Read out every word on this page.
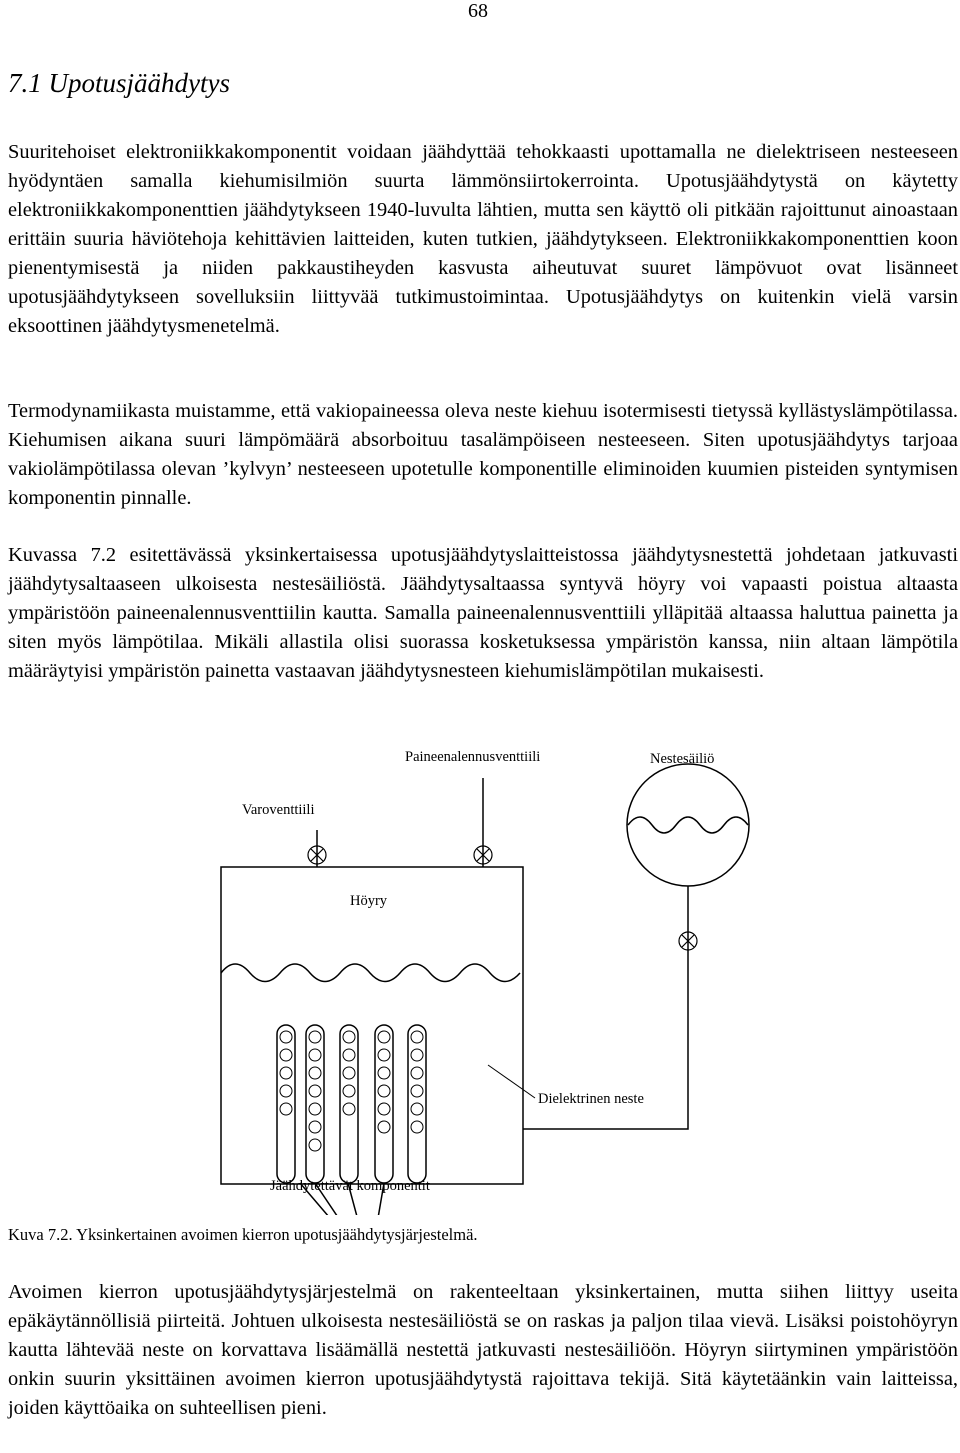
68
7.1 Upotusjäähdytys

Suuritehoiset elektroniikkakomponentit voidaan jäähdyttää tehokkaasti upottamalla ne dielektriseen nesteeseen hyödyntäen samalla kiehumisilmiön suurta lämmönsiirtokerrointa. Upotusjäähdytystä on käytetty elektroniikkakomponenttien jäähdytykseen 1940-luvulta lähtien, mutta sen käyttö oli pitkään rajoittunut ainoastaan erittäin suuria häviötehoja kehittävien laitteiden, kuten tutkien, jäähdytykseen. Elektroniikkakomponenttien koon pienentymisestä ja niiden pakkaustiheyden kasvusta aiheutuvat suuret lämpövuot ovat lisänneet upotusjäähdytykseen sovelluksiin liittyvää tutkimustoimintaa. Upotusjäähdytys on kuitenkin vielä varsin eksoottinen jäähdytysmenetelmä.

Termodynamiikasta muistamme, että vakiopaineessa oleva neste kiehuu isotermisesti tietyssä kyllästyslämpötilassa. Kiehumisen aikana suuri lämpömäärä absorboituu tasalämpöiseen nesteeseen. Siten upotusjäähdytys tarjoaa vakiolämpötilassa olevan ’kylvyn’ nesteeseen upotetulle komponentille eliminoiden kuumien pisteiden syntymisen komponentin pinnalle.

Kuvassa 7.2 esitettävässä yksinkertaisessa upotusjäähdytyslaitteistossa jäähdytysnestettä johdetaan jatkuvasti jäähdytysaltaaseen ulkoisesta nestesäiliöstä. Jäähdytysaltaassa syntyvä höyry voi vapaasti poistua altaasta ympäristöön paineenalennusventtiilin kautta. Samalla paineenalennusventtiili ylläpitää altaassa haluttua painetta ja siten myös lämpötilaa. Mikäli allastila olisi suorassa kosketuksessa ympäristön kanssa, niin altaan lämpötila määräytyisi ympäristön painetta vastaavan jäähdytysnesteen kiehumislämpötilan mukaisesti.

Paineenalennusventtiili	Nestesäiliö
Varoventtiili
Höyry
Dielektrinen neste
Jäähdytettävät komponentit
Kuva 7.2. Yksinkertainen avoimen kierron upotusjäähdytysjärjestelmä.

Avoimen kierron upotusjäähdytysjärjestelmä on rakenteeltaan yksinkertainen, mutta siihen liittyy useita epäkäytännöllisiä piirteitä. Johtuen ulkoisesta nestesäiliöstä se on raskas ja paljon tilaa vievä. Lisäksi poistohöyryn kautta lähtevää neste on korvattava lisäämällä nestettä jatkuvasti nestesäiliöön. Höyryn siirtyminen ympäristöön onkin suurin yksittäinen avoimen kierron upotusjäähdytystä rajoittava tekijä. Sitä käytetäänkin vain laitteissa, joiden käyttöaika on suhteellisen pieni.
